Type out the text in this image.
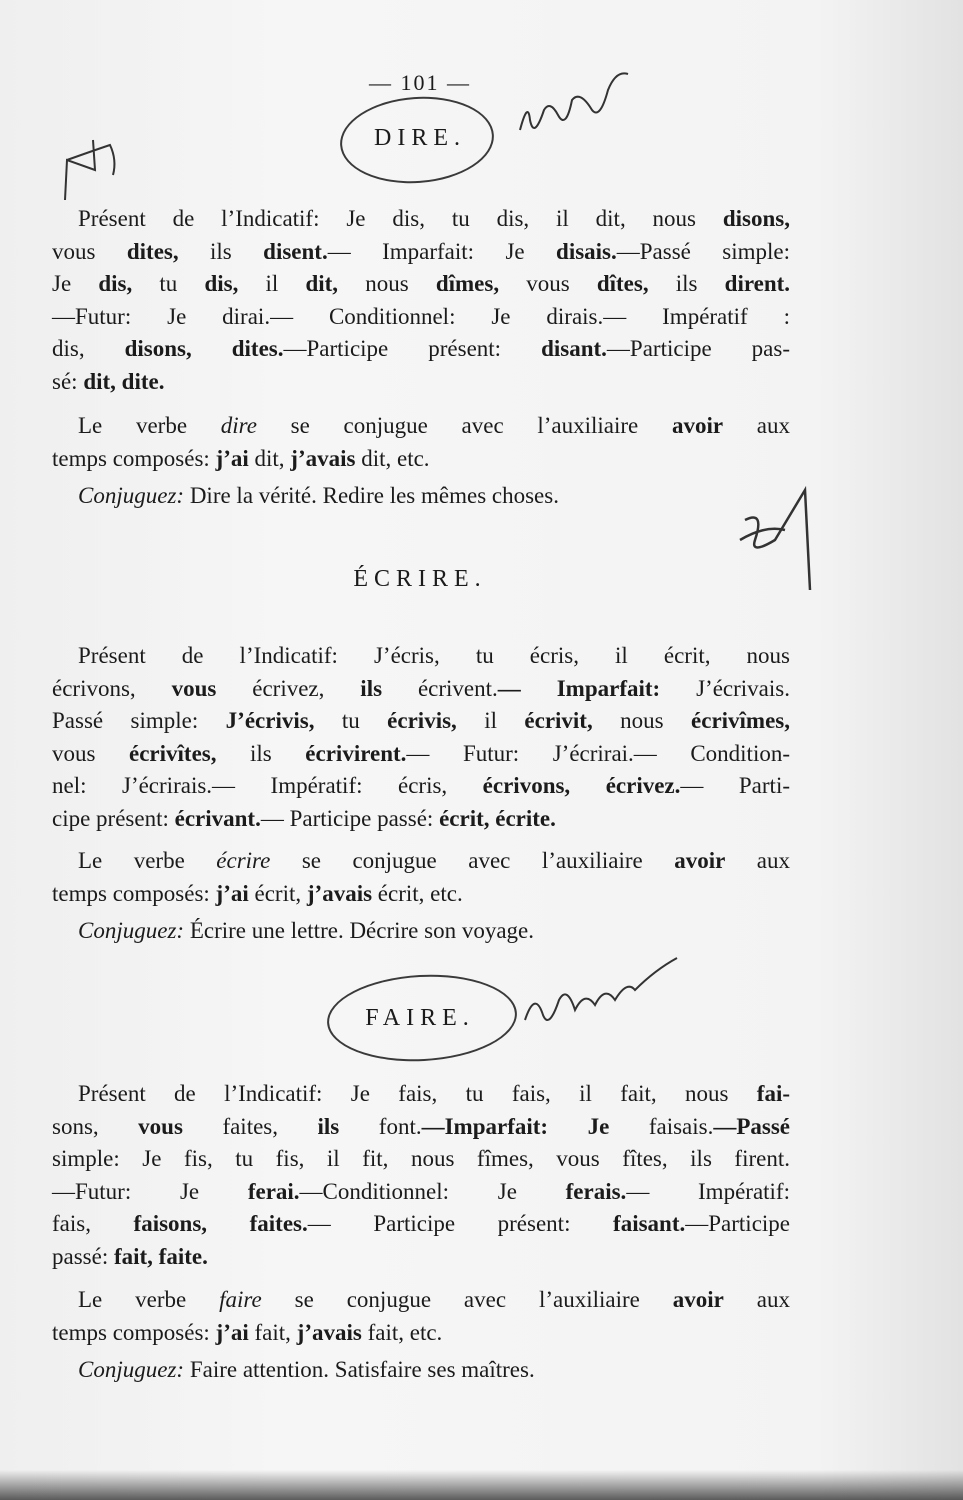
— 101 —
DIRE.
Présent de l’Indicatif: Je dis, tu dis, il dit, nous disons,
vous dites, ils disent.— Imparfait: Je disais.—Passé simple:
Je dis, tu dis, il dit, nous dîmes, vous dîtes, ils dirent.
—Futur: Je dirai.— Conditionnel: Je dirais.— Impératif :
dis, disons, dites.—Participe présent: disant.—Participe pas-
sé: dit, dite.
Le verbe dire se conjugue avec l’auxiliaire avoir aux
temps composés: j’ai dit, j’avais dit, etc.
Conjuguez: Dire la vérité. Redire les mêmes choses.
ÉCRIRE.
Présent de l’Indicatif: J’écris, tu écris, il écrit, nous
écrivons, vous écrivez, ils écrivent.— Imparfait: J’écrivais.
Passé simple: J’écrivis, tu écrivis, il écrivit, nous écrivîmes,
vous écrivîtes, ils écrivirent.— Futur: J’écrirai.— Condition-
nel: J’écrirais.— Impératif: écris, écrivons, écrivez.— Parti-
cipe présent: écrivant.— Participe passé: écrit, écrite.
Le verbe écrire se conjugue avec l’auxiliaire avoir aux
temps composés: j’ai écrit, j’avais écrit, etc.
Conjuguez: Écrire une lettre. Décrire son voyage.
FAIRE.
Présent de l’Indicatif: Je fais, tu fais, il fait, nous fai-
sons, vous faites, ils font.—Imparfait: Je faisais.—Passé
simple: Je fis, tu fis, il fit, nous fîmes, vous fîtes, ils firent.
—Futur: Je ferai.—Conditionnel: Je ferais.— Impératif:
fais, faisons, faites.— Participe présent: faisant.—Participe
passé: fait, faite.
Le verbe faire se conjugue avec l’auxiliaire avoir aux
temps composés: j’ai fait, j’avais fait, etc.
Conjuguez: Faire attention. Satisfaire ses maîtres.
